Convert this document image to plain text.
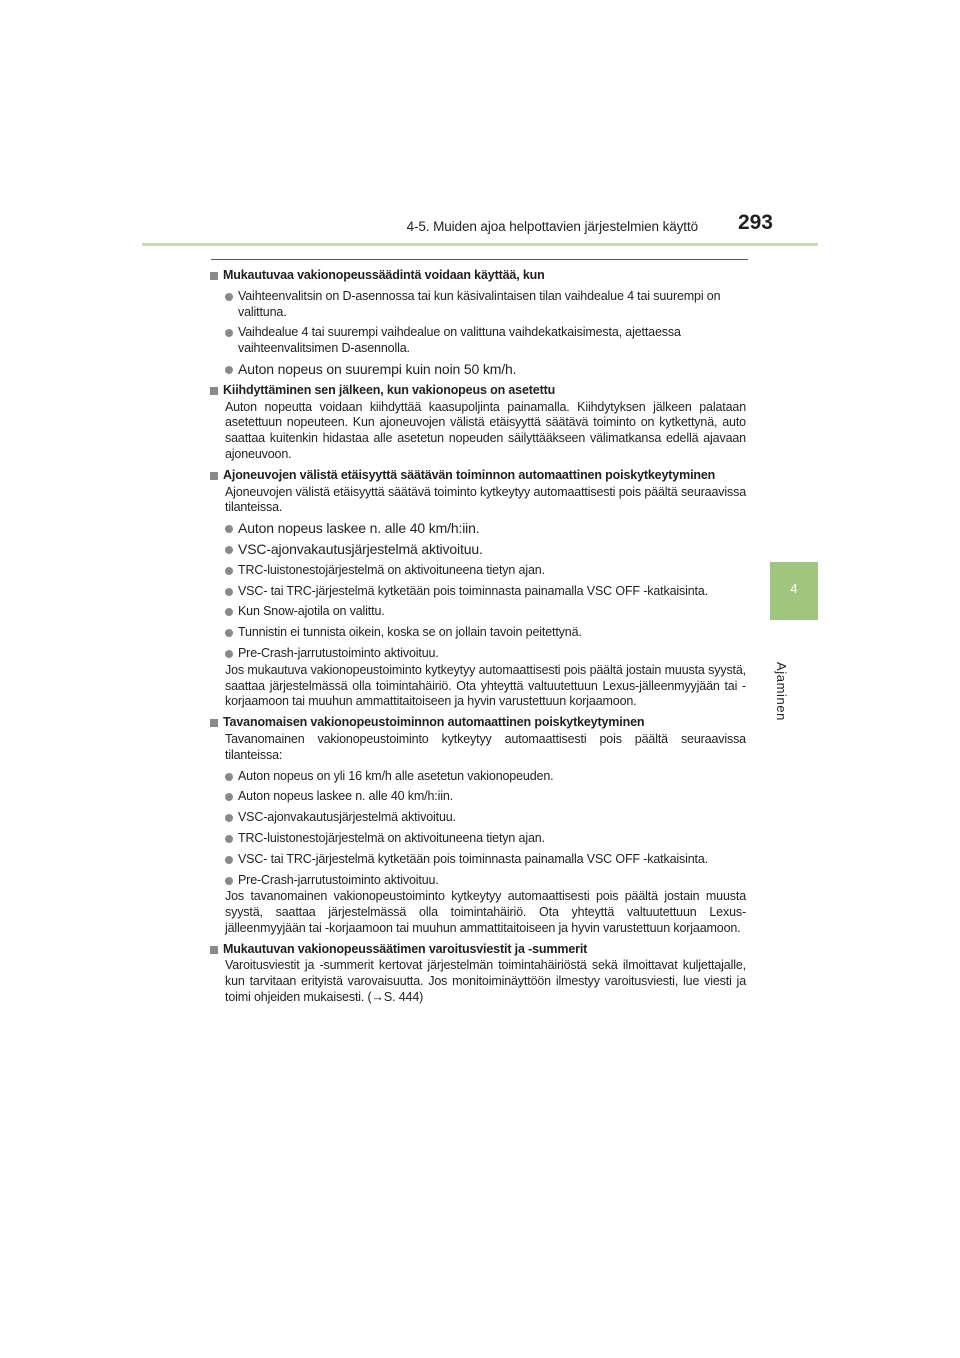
4-5. Muiden ajoa helpottavien järjestelmien käyttö 293
4
Ajaminen
Mukautuvaa vakionopeussäädintä voidaan käyttää, kun
Vaihteenvalitsin on D-asennossa tai kun käsivalintaisen tilan vaihdealue 4 tai suurempi on valittuna.
Vaihdealue 4 tai suurempi vaihdealue on valittuna vaihdekatkaisimesta, ajettaessa vaihteenvalitsimen D-asennolla.
Auton nopeus on suurempi kuin noin 50 km/h.
Kiihdyttäminen sen jälkeen, kun vakionopeus on asetettu
Auton nopeutta voidaan kiihdyttää kaasupoljinta painamalla. Kiihdytyksen jälkeen palataan asetettuun nopeuteen. Kun ajoneuvojen välistä etäisyyttä säätävä toiminto on kytkettynä, auto saattaa kuitenkin hidastaa alle asetetun nopeuden säilyttääkseen välimatkansa edellä ajavaan ajoneuvoon.
Ajoneuvojen välistä etäisyyttä säätävän toiminnon automaattinen poiskytkeytyminen
Ajoneuvojen välistä etäisyyttä säätävä toiminto kytkeytyy automaattisesti pois päältä seuraavissa tilanteissa.
Auton nopeus laskee n. alle 40 km/h:iin.
VSC-ajonvakautusjärjestelmä aktivoituu.
TRC-luistonestojärjestelmä on aktivoituneena tietyn ajan.
VSC- tai TRC-järjestelmä kytketään pois toiminnasta painamalla VSC OFF -katkaisinta.
Kun Snow-ajotila on valittu.
Tunnistin ei tunnista oikein, koska se on jollain tavoin peitettynä.
Pre-Crash-jarrutustoiminto aktivoituu.
Jos mukautuva vakionopeustoiminto kytkeytyy automaattisesti pois päältä jostain muusta syystä, saattaa järjestelmässä olla toimintahäiriö. Ota yhteyttä valtuutettuun Lexus-jälleenmyyjään tai -korjaamoon tai muuhun ammattitaitoiseen ja hyvin varustettuun korjaamoon.
Tavanomaisen vakionopeustoiminnon automaattinen poiskytkeytyminen
Tavanomainen vakionopeustoiminto kytkeytyy automaattisesti pois päältä seuraavissa tilanteissa:
Auton nopeus on yli 16 km/h alle asetetun vakionopeuden.
Auton nopeus laskee n. alle 40 km/h:iin.
VSC-ajonvakautusjärjestelmä aktivoituu.
TRC-luistonestojärjestelmä on aktivoituneena tietyn ajan.
VSC- tai TRC-järjestelmä kytketään pois toiminnasta painamalla VSC OFF -katkaisinta.
Pre-Crash-jarrutustoiminto aktivoituu.
Jos tavanomainen vakionopeustoiminto kytkeytyy automaattisesti pois päältä jostain muusta syystä, saattaa järjestelmässä olla toimintahäiriö. Ota yhteyttä valtuutettuun Lexus-jälleenmyyjään tai -korjaamoon tai muuhun ammattitaitoiseen ja hyvin varustettuun korjaamoon.
Mukautuvan vakionopeussäätimen varoitusviestit ja -summerit
Varoitusviestit ja -summerit kertovat järjestelmän toimintahäiriöstä sekä ilmoittavat kuljettajalle, kun tarvitaan erityistä varovaisuutta. Jos monitoiminäyttöön ilmestyy varoitusviesti, lue viesti ja toimi ohjeiden mukaisesti. (→S. 444)
